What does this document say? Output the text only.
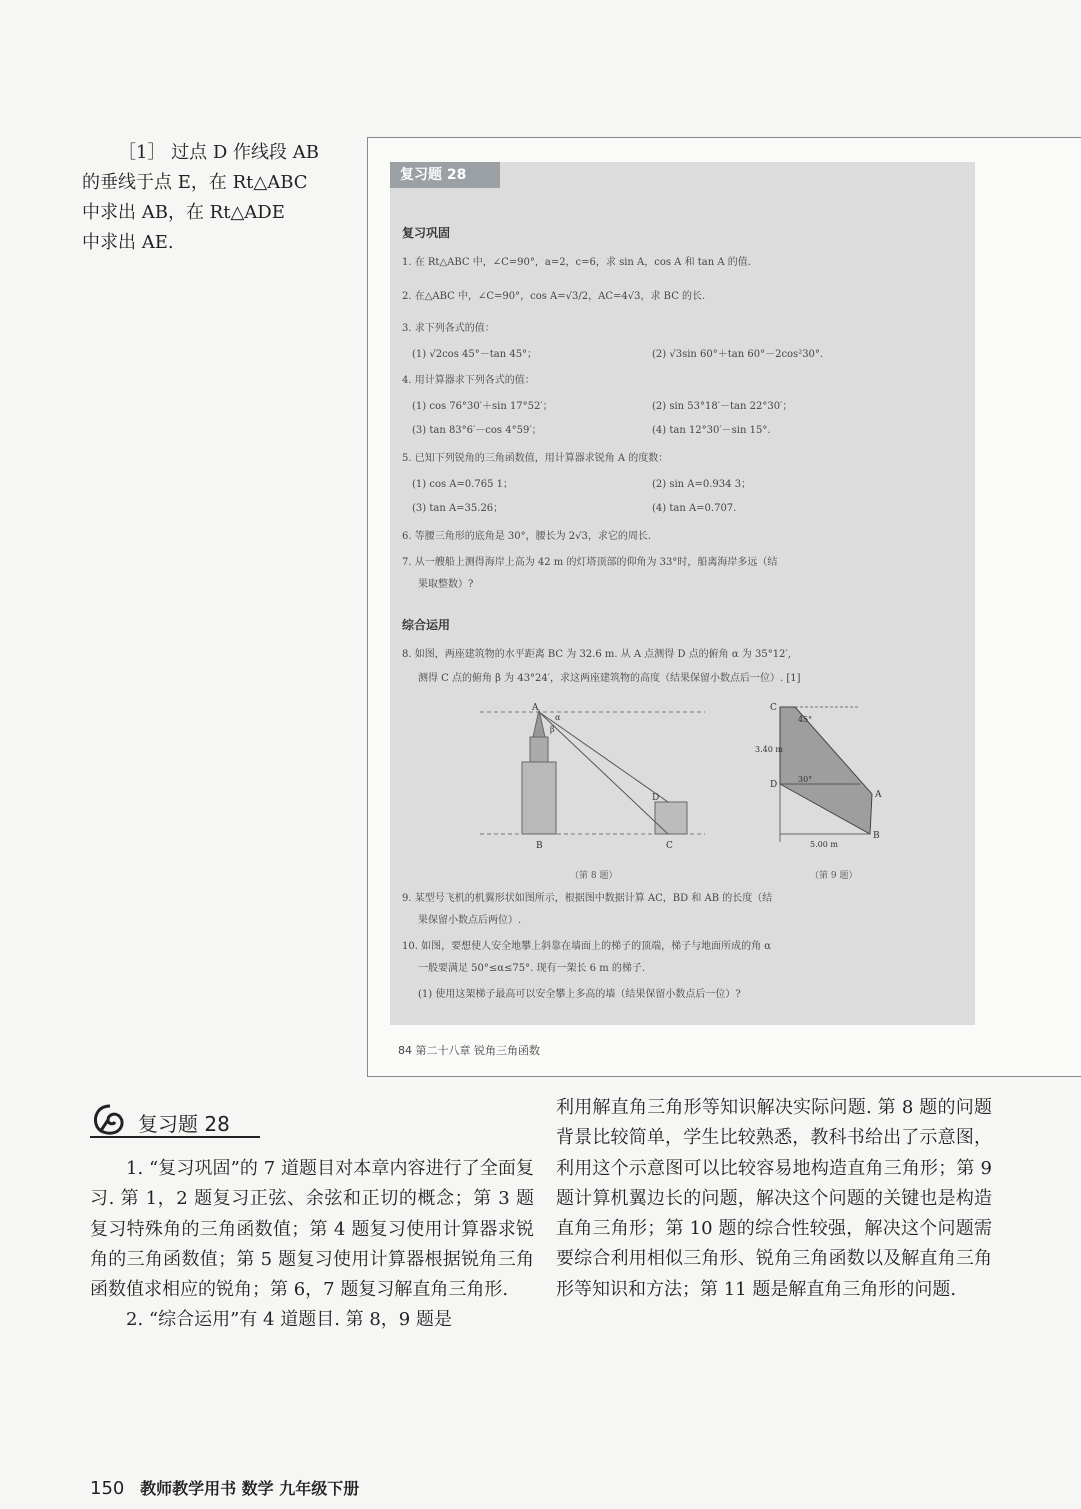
［1］ 过点 D 作线段 AB
的垂线于点 E，在 Rt△ABC
中求出 AB，在 Rt△ADE
中求出 AE.
复习题 28
复习巩固
1. 在 Rt△ABC 中，∠C=90°，a=2，c=6，求 sin A，cos A 和 tan A 的值.
2. 在△ABC 中，∠C=90°，cos A=√3/2，AC=4√3，求 BC 的长.
3. 求下列各式的值：
(1) √2cos 45°－tan 45°；	(2) √3sin 60°＋tan 60°－2cos²30°.
4. 用计算器求下列各式的值：
(1) cos 76°30′＋sin 17°52′；	(2) sin 53°18′－tan 22°30′；
(3) tan 83°6′－cos 4°59′；	(4) tan 12°30′－sin 15°.
5. 已知下列锐角的三角函数值，用计算器求锐角 A 的度数：
(1) cos A=0.765 1；	(2) sin A=0.934 3；
(3) tan A=35.26；	(4) tan A=0.707.
6. 等腰三角形的底角是 30°，腰长为 2√3，求它的周长.
7. 从一艘船上测得海岸上高为 42 m 的灯塔顶部的仰角为 33°时，船离海岸多远（结
果取整数）?
综合运用
8. 如图，两座建筑物的水平距离 BC 为 32.6 m. 从 A 点测得 D 点的俯角 α 为 35°12′,
测得 C 点的俯角 β 为 43°24′，求这两座建筑物的高度（结果保留小数点后一位）. [1]
A
B	C
D
α
β
C
D
A
B
3.40 m
5.00 m
45°
30°
（第 8 题）	（第 9 题）
9. 某型号飞机的机翼形状如图所示，根据图中数据计算 AC，BD 和 AB 的长度（结
果保留小数点后两位）.
10. 如图，要想使人安全地攀上斜靠在墙面上的梯子的顶端，梯子与地面所成的角 α
一般要满足 50°≤α≤75°. 现有一架长 6 m 的梯子.
(1) 使用这架梯子最高可以安全攀上多高的墙（结果保留小数点后一位）?
84 第二十八章 锐角三角函数
®
复习题 28

1. “复习巩固”的 7 道题目对本章内容进行了全面复习. 第 1，2 题复习正弦、余弦和正切的概念；第 3 题复习特殊角的三角函数值；第 4 题复习使用计算器求锐角的三角函数值；第 5 题复习使用计算器根据锐角三角函数值求相应的锐角；第 6，7 题复习解直角三角形.

2. “综合运用”有 4 道题目. 第 8，9 题是

利用解直角三角形等知识解决实际问题. 第 8 题的问题背景比较简单，学生比较熟悉，教科书给出了示意图，利用这个示意图可以比较容易地构造直角三角形；第 9 题计算机翼边长的问题，解决这个问题的关键也是构造直角三角形；第 10 题的综合性较强，解决这个问题需要综合利用相似三角形、锐角三角函数以及解直角三角形等知识和方法；第 11 题是解直角三角形的问题.

150 教师教学用书 数学 九年级下册
